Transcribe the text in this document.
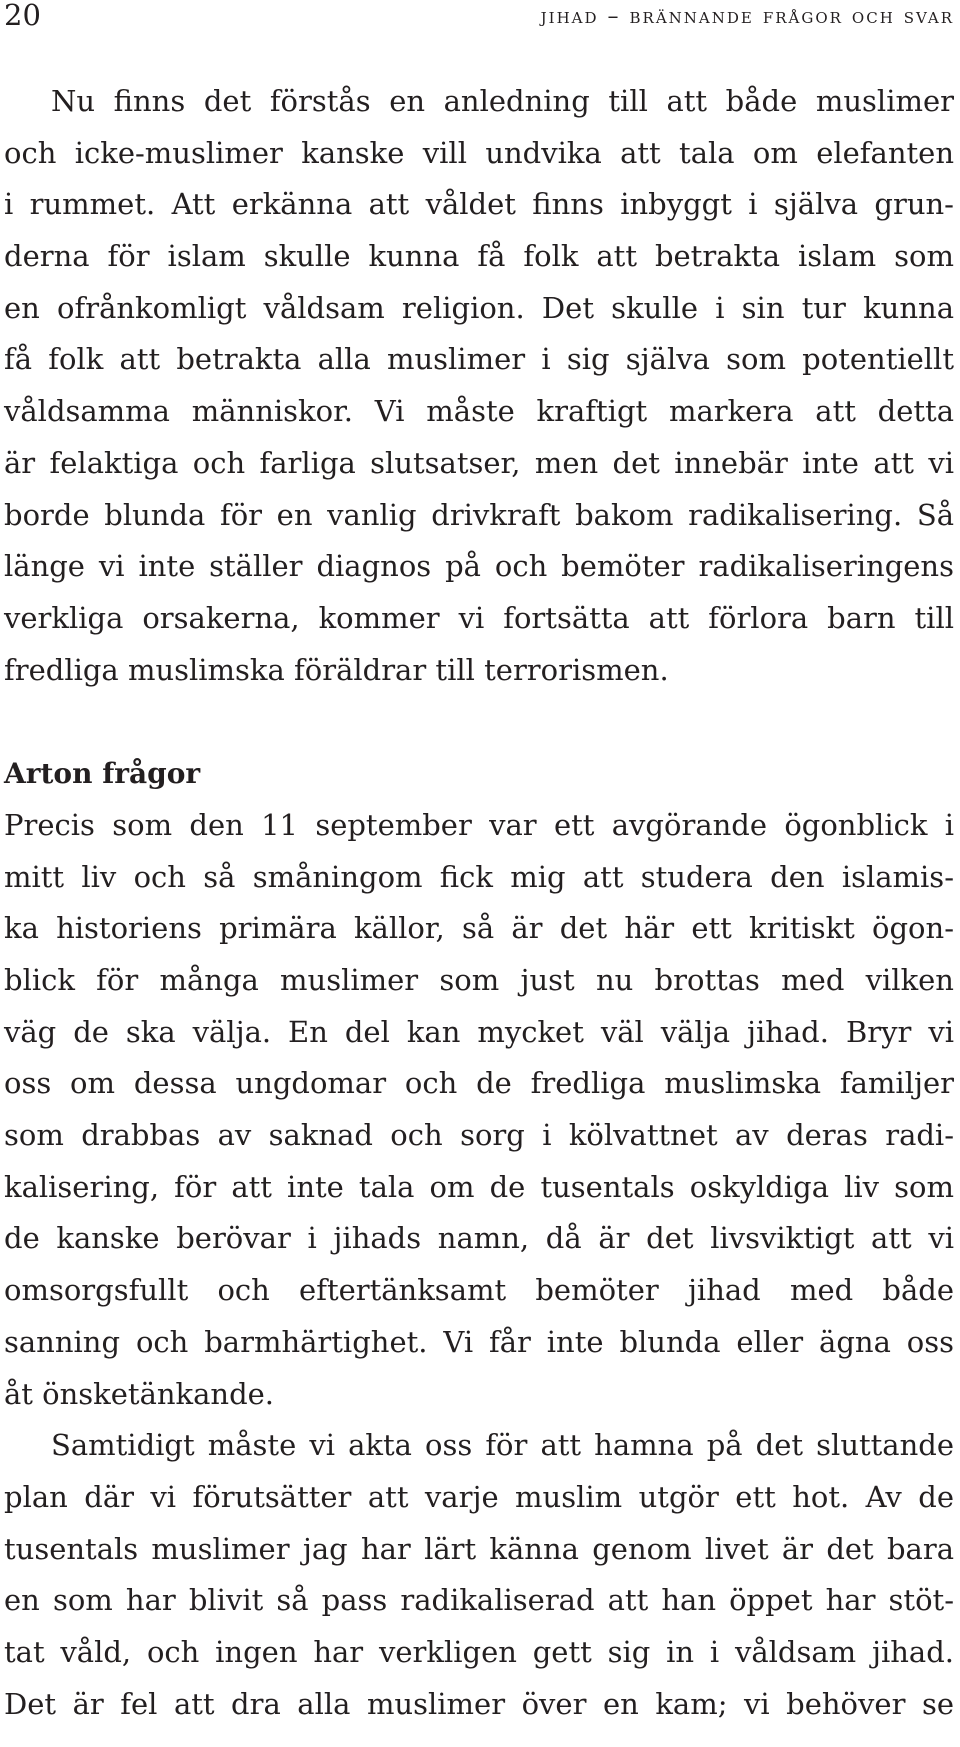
20	jihad – brännande frågor och svar
Nu finns det förstås en anledning till att både muslimer
och icke-muslimer kanske vill undvika att tala om elefanten
i rummet. Att erkänna att våldet finns inbyggt i själva grun-
derna för islam skulle kunna få folk att betrakta islam som
en ofrånkomligt våldsam religion. Det skulle i sin tur kunna
få folk att betrakta alla muslimer i sig själva som potentiellt
våldsamma människor. Vi måste kraftigt markera att detta
är felaktiga och farliga slutsatser, men det innebär inte att vi
borde blunda för en vanlig drivkraft bakom radikalisering. Så
länge vi inte ställer diagnos på och bemöter radikaliseringens
verkliga orsakerna, kommer vi fortsätta att förlora barn till
fredliga muslimska föräldrar till terrorismen.
Arton frågor
Precis som den 11 september var ett avgörande ögonblick i
mitt liv och så småningom fick mig att studera den islamis-
ka historiens primära källor, så är det här ett kritiskt ögon-
blick för många muslimer som just nu brottas med vilken
väg de ska välja. En del kan mycket väl välja jihad. Bryr vi
oss om dessa ungdomar och de fredliga muslimska familjer
som drabbas av saknad och sorg i kölvattnet av deras radi-
kalisering, för att inte tala om de tusentals oskyldiga liv som
de kanske berövar i jihads namn, då är det livsviktigt att vi
omsorgsfullt och eftertänksamt bemöter jihad med både
sanning och barmhärtighet. Vi får inte blunda eller ägna oss
åt önsketänkande.
Samtidigt måste vi akta oss för att hamna på det sluttande
plan där vi förutsätter att varje muslim utgör ett hot. Av de
tusentals muslimer jag har lärt känna genom livet är det bara
en som har blivit så pass radikaliserad att han öppet har stöt-
tat våld, och ingen har verkligen gett sig in i våldsam jihad.
Det är fel att dra alla muslimer över en kam; vi behöver se
